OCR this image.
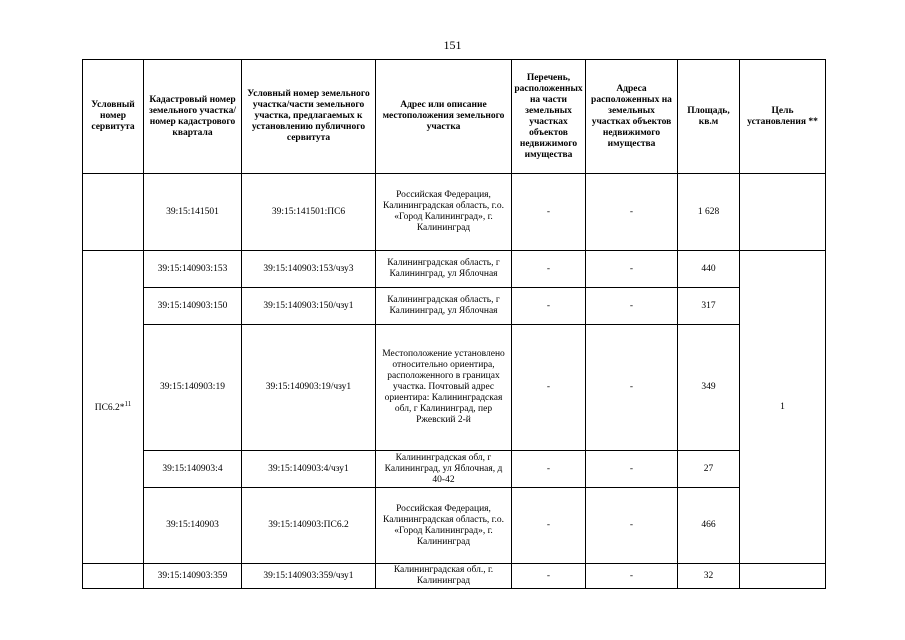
151
Условный номер сервитута	Кадастровый номер земельного участка/номер кадастрового квартала	Условный номер земельного участка/части земельного участка, предлагаемых к установлению публичного сервитута	Адрес или описание местоположения земельного участка	Перечень, расположенных на части земельных участках объектов недвижимого имущества	Адреса расположенных на земельных участках объектов недвижимого имущества	Площадь, кв.м	Цель установления **
	39:15:141501	39:15:141501:ПС6	Российская Федерация, Калининградская область, г.о. «Город Калининград», г. Калининград	-	-	1 628	
ПС6.2*$^{11}$	39:15:140903:153	39:15:140903:153/чзу3	Калининградская область, г Калининград, ул Яблочная	-	-	440	1
	39:15:140903:150	39:15:140903:150/чзу1	Калининградская область, г Калининград, ул Яблочная	-	-	317	
	39:15:140903:19	39:15:140903:19/чзу1	Местоположение установлено относительно ориентира, расположенного в границах участка. Почтовый адрес ориентира: Калининградская обл, г Калининград, пер Ржевский 2-й	-	-	349	
	39:15:140903:4	39:15:140903:4/чзу1	Калининградская обл, г Калининград, ул Яблочная, д 40-42	-	-	27	
	39:15:140903	39:15:140903:ПС6.2	Российская Федерация, Калининградская область, г.о. «Город Калининград», г. Калининград	-	-	466	
	39:15:140903:359	39:15:140903:359/чзу1	Калининградская обл., г. Калининград	-	-	32	
